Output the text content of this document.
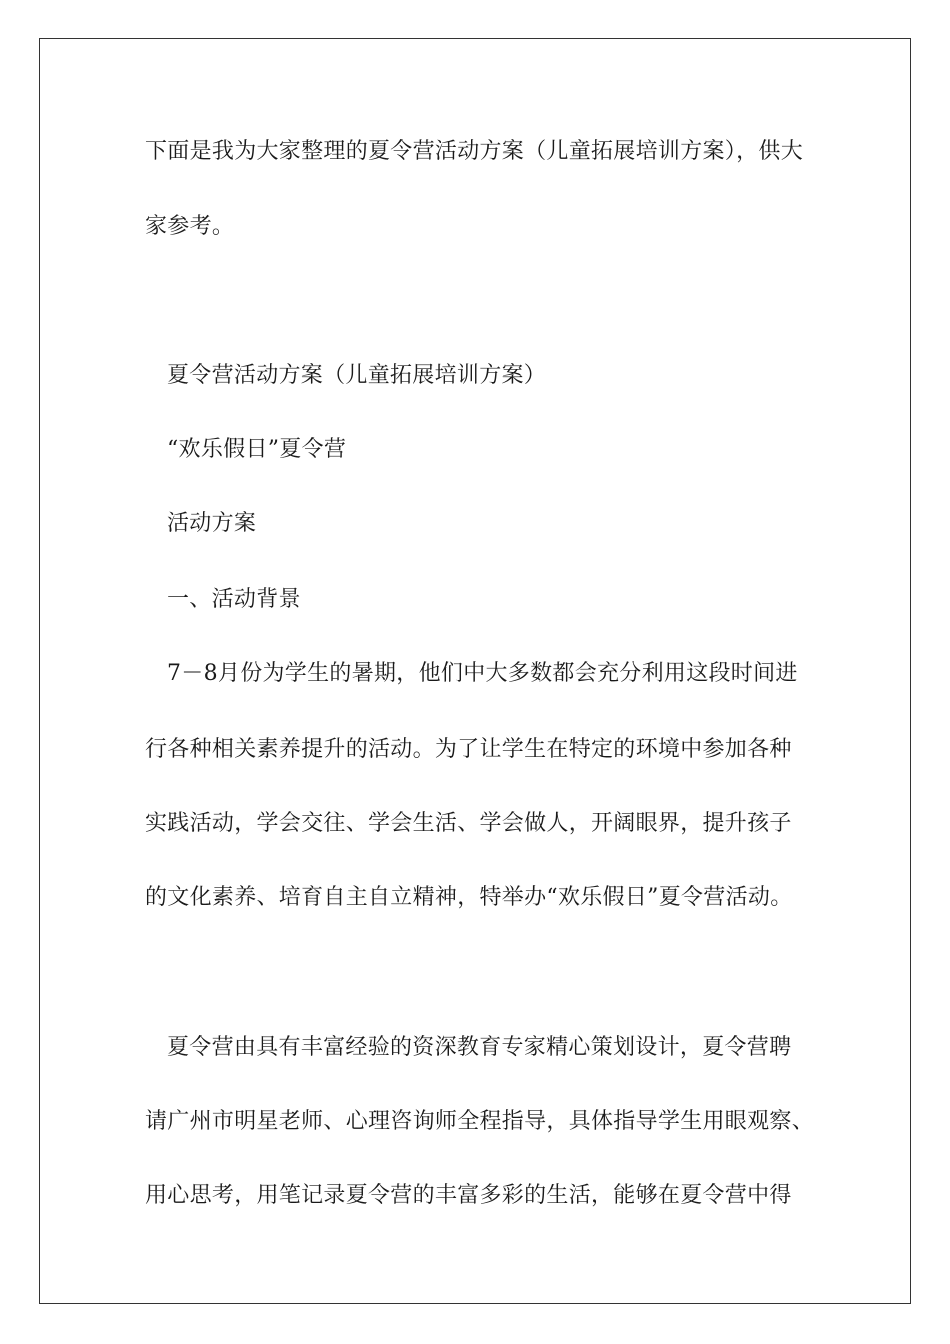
下面是我为大家整理的夏令营活动方案（儿童拓展培训方案），供大
家参考。
夏令营活动方案（儿童拓展培训方案）
“欢乐假日”夏令营
活动方案
一、活动背景
7－8月份为学生的暑期，他们中大多数都会充分利用这段时间进
行各种相关素养提升的活动。为了让学生在特定的环境中参加各种
实践活动，学会交往、学会生活、学会做人，开阔眼界，提升孩子
的文化素养、培育自主自立精神，特举办“欢乐假日”夏令营活动。
夏令营由具有丰富经验的资深教育专家精心策划设计，夏令营聘
请广州市明星老师、心理咨询师全程指导，具体指导学生用眼观察、
用心思考，用笔记录夏令营的丰富多彩的生活，能够在夏令营中得
